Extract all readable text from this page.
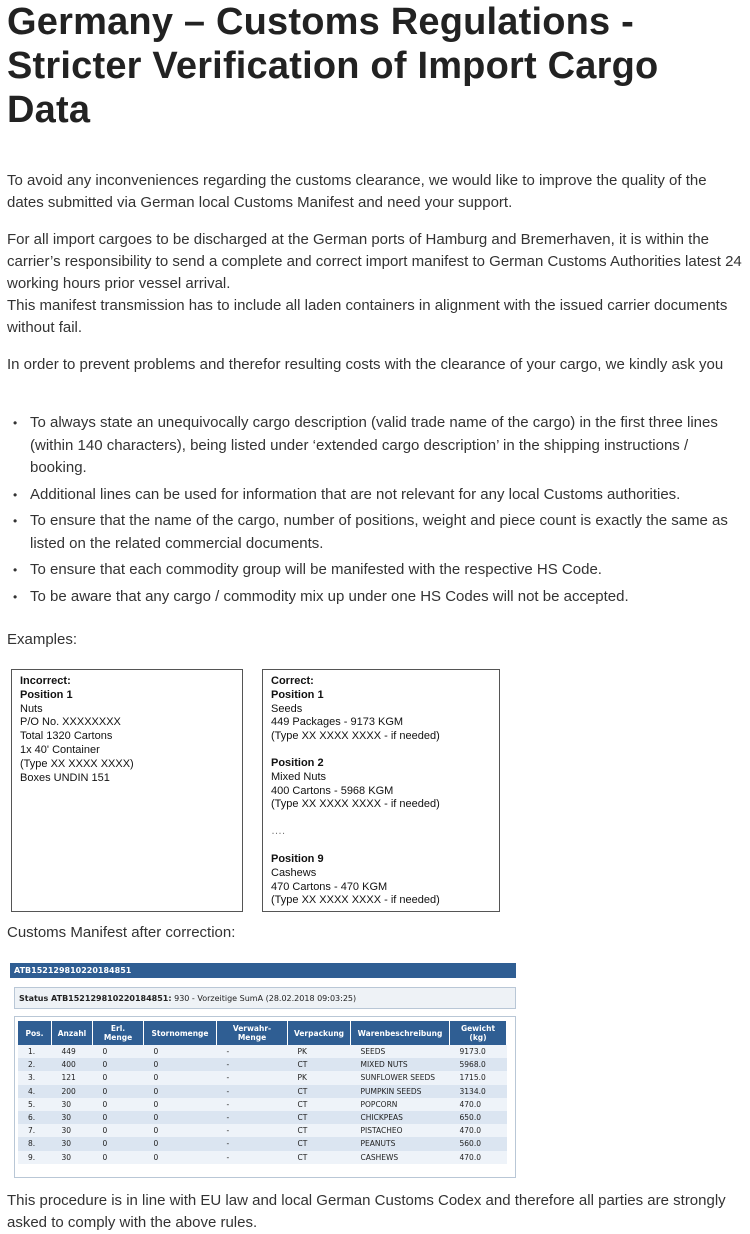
Germany – Customs Regulations - Stricter Verification of Import Cargo Data

To avoid any inconveniences regarding the customs clearance, we would like to improve the quality of the dates submitted via German local Customs Manifest and need your support.

For all import cargoes to be discharged at the German ports of Hamburg and Bremerhaven, it is within the carrier’s responsibility to send a complete and correct import manifest to German Customs Authorities latest 24 working hours prior vessel arrival.
This manifest transmission has to include all laden containers in alignment with the issued carrier documents without fail.

In order to prevent problems and therefor resulting costs with the clearance of your cargo, we kindly ask you

• To always state an unequivocally cargo description (valid trade name of the cargo) in the first three lines (within 140 characters), being listed under ‘extended cargo description’ in the shipping instructions / booking.
• Additional lines can be used for information that are not relevant for any local Customs authorities.
• To ensure that the name of the cargo, number of positions, weight and piece count is exactly the same as listed on the related commercial documents.
• To ensure that each commodity group will be manifested with the respective HS Code.
• To be aware that any cargo / commodity mix up under one HS Codes will not be accepted.

Examples:

Incorrect:
Position 1
Nuts
P/O No. XXXXXXXX
Total 1320 Cartons
1x 40' Container
(Type XX XXXX XXXX)
Boxes UNDIN 151
Correct:
Position 1
Seeds
449 Packages - 9173 KGM
(Type XX XXXX XXXX - if needed)
Position 2
Mixed Nuts
400 Cartons - 5968 KGM
(Type XX XXXX XXXX - if needed)
….
Position 9
Cashews
470 Cartons - 470 KGM
(Type XX XXXX XXXX - if needed)

Customs Manifest after correction:

ATB152129810220184851
Status ATB152129810220184851: 930 - Vorzeitige SumA (28.02.2018 09:03:25)
Pos.	Anzahl	Erl. Menge	Stornomenge	Verwahr-Menge	Verpackung	Warenbeschreibung	Gewicht (kg)
1.	449	0	0	-	PK	SEEDS	9173.0
2.	400	0	0	-	CT	MIXED NUTS	5968.0
3.	121	0	0	-	PK	SUNFLOWER SEEDS	1715.0
4.	200	0	0	-	CT	PUMPKIN SEEDS	3134.0
5.	30	0	0	-	CT	POPCORN	470.0
6.	30	0	0	-	CT	CHICKPEAS	650.0
7.	30	0	0	-	CT	PISTACHEO	470.0
8.	30	0	0	-	CT	PEANUTS	560.0
9.	30	0	0	-	CT	CASHEWS	470.0

This procedure is in line with EU law and local German Customs Codex and therefore all parties are strongly asked to comply with the above rules.
